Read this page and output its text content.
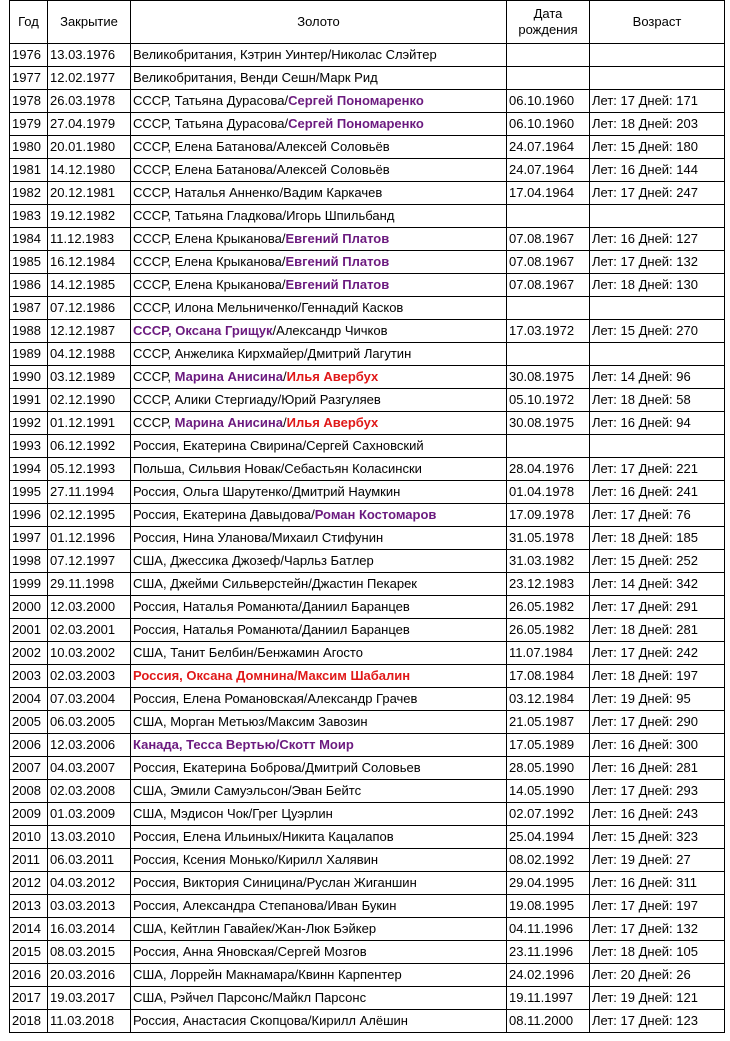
Год	Закрытие	Золото	Дата рождения	Возраст
1976	13.03.1976	Великобритания, Кэтрин Уинтер/Николас Слэйтер		
1977	12.02.1977	Великобритания, Венди Сешн/Марк Рид		
1978	26.03.1978	СССР, Татьяна Дурасова/Сергей Пономаренко	06.10.1960	Лет: 17 Дней: 171
1979	27.04.1979	СССР, Татьяна Дурасова/Сергей Пономаренко	06.10.1960	Лет: 18 Дней: 203
1980	20.01.1980	СССР, Елена Батанова/Алексей Соловьёв	24.07.1964	Лет: 15 Дней: 180
1981	14.12.1980	СССР, Елена Батанова/Алексей Соловьёв	24.07.1964	Лет: 16 Дней: 144
1982	20.12.1981	СССР, Наталья Анненко/Вадим Каркачев	17.04.1964	Лет: 17 Дней: 247
1983	19.12.1982	СССР, Татьяна Гладкова/Игорь Шпильбанд		
1984	11.12.1983	СССР, Елена Крыканова/Евгений Платов	07.08.1967	Лет: 16 Дней: 127
1985	16.12.1984	СССР, Елена Крыканова/Евгений Платов	07.08.1967	Лет: 17 Дней: 132
1986	14.12.1985	СССР, Елена Крыканова/Евгений Платов	07.08.1967	Лет: 18 Дней: 130
1987	07.12.1986	СССР, Илона Мельниченко/Геннадий Касков		
1988	12.12.1987	СССР, Оксана Грищук/Александр Чичков	17.03.1972	Лет: 15 Дней: 270
1989	04.12.1988	СССР, Анжелика Кирхмайер/Дмитрий Лагутин		
1990	03.12.1989	СССР, Марина Анисина/Илья Авербух	30.08.1975	Лет: 14 Дней: 96
1991	02.12.1990	СССР, Алики Стергиаду/Юрий Разгуляев	05.10.1972	Лет: 18 Дней: 58
1992	01.12.1991	СССР, Марина Анисина/Илья Авербух	30.08.1975	Лет: 16 Дней: 94
1993	06.12.1992	Россия, Екатерина Свирина/Сергей Сахновский		
1994	05.12.1993	Польша, Сильвия Новак/Себастьян Коласински	28.04.1976	Лет: 17 Дней: 221
1995	27.11.1994	Россия, Ольга Шарутенко/Дмитрий Наумкин	01.04.1978	Лет: 16 Дней: 241
1996	02.12.1995	Россия, Екатерина Давыдова/Роман Костомаров	17.09.1978	Лет: 17 Дней: 76
1997	01.12.1996	Россия, Нина Уланова/Михаил Стифунин	31.05.1978	Лет: 18 Дней: 185
1998	07.12.1997	США, Джессика Джозеф/Чарльз Батлер	31.03.1982	Лет: 15 Дней: 252
1999	29.11.1998	США, Джейми Сильверстейн/Джастин Пекарек	23.12.1983	Лет: 14 Дней: 342
2000	12.03.2000	Россия, Наталья Романюта/Даниил Баранцев	26.05.1982	Лет: 17 Дней: 291
2001	02.03.2001	Россия, Наталья Романюта/Даниил Баранцев	26.05.1982	Лет: 18 Дней: 281
2002	10.03.2002	США, Танит Белбин/Бенжамин Агосто	11.07.1984	Лет: 17 Дней: 242
2003	02.03.2003	Россия, Оксана Домнина/Максим Шабалин	17.08.1984	Лет: 18 Дней: 197
2004	07.03.2004	Россия, Елена Романовская/Александр Грачев	03.12.1984	Лет: 19 Дней: 95
2005	06.03.2005	США, Морган Метьюз/Максим Завозин	21.05.1987	Лет: 17 Дней: 290
2006	12.03.2006	Канада, Тесса Вертью/Скотт Моир	17.05.1989	Лет: 16 Дней: 300
2007	04.03.2007	Россия, Екатерина Боброва/Дмитрий Соловьев	28.05.1990	Лет: 16 Дней: 281
2008	02.03.2008	США, Эмили Самуэльсон/Эван Бейтс	14.05.1990	Лет: 17 Дней: 293
2009	01.03.2009	США, Мэдисон Чок/Грег Цуэрлин	02.07.1992	Лет: 16 Дней: 243
2010	13.03.2010	Россия, Елена Ильиных/Никита Кацалапов	25.04.1994	Лет: 15 Дней: 323
2011	06.03.2011	Россия, Ксения Монько/Кирилл Халявин	08.02.1992	Лет: 19 Дней: 27
2012	04.03.2012	Россия, Виктория Синицина/Руслан Жиганшин	29.04.1995	Лет: 16 Дней: 311
2013	03.03.2013	Россия, Александра Степанова/Иван Букин	19.08.1995	Лет: 17 Дней: 197
2014	16.03.2014	США, Кейтлин Гавайек/Жан-Люк Бэйкер	04.11.1996	Лет: 17 Дней: 132
2015	08.03.2015	Россия, Анна Яновская/Сергей Мозгов	23.11.1996	Лет: 18 Дней: 105
2016	20.03.2016	США, Лоррейн Макнамара/Квинн Карпентер	24.02.1996	Лет: 20 Дней: 26
2017	19.03.2017	США, Рэйчел Парсонс/Майкл Парсонс	19.11.1997	Лет: 19 Дней: 121
2018	11.03.2018	Россия, Анастасия Скопцова/Кирилл Алёшин	08.11.2000	Лет: 17 Дней: 123
